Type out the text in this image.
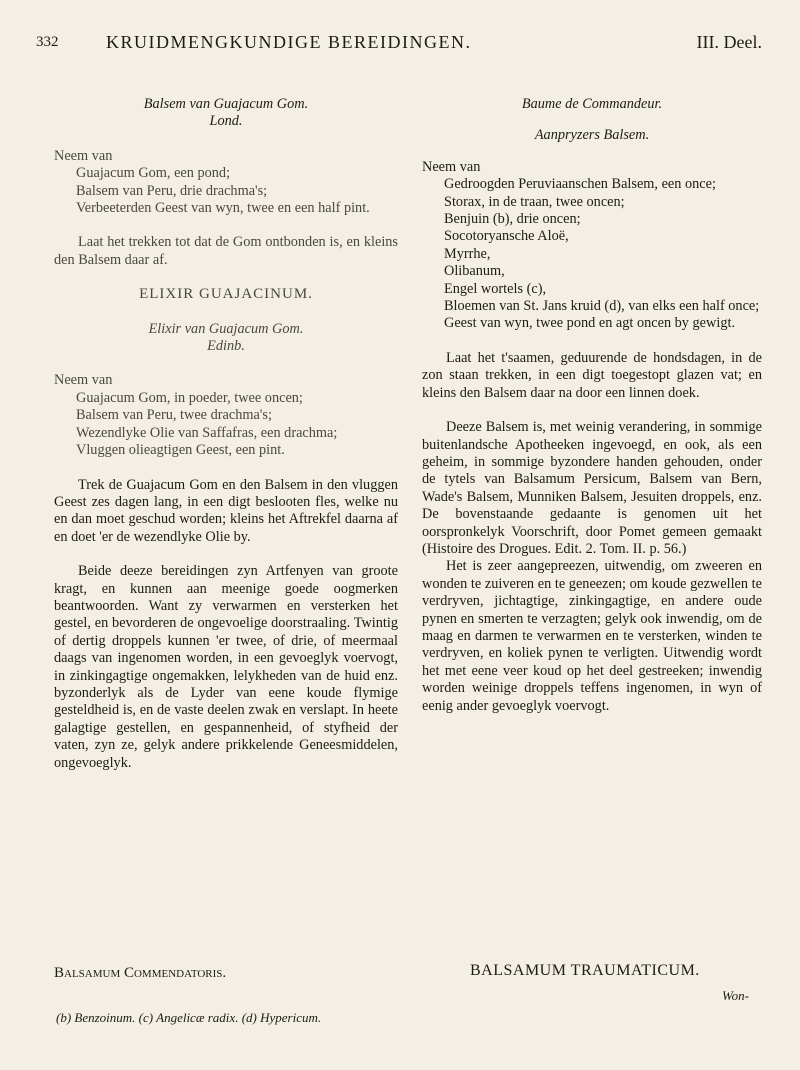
332	KRUIDMENGKUNDIGE BEREIDINGEN.	III. Deel.

Balsem van Guajacum Gom.

Lond.

Neem van
Guajacum Gom, een pond;
Balsem van Peru, drie drachma's;
Verbeeterden Geest van wyn, twee en een half pint.

Laat het trekken tot dat de Gom ontbonden is, en kleins den Balsem daar af.

ELIXIR GUAJACINUM.

Elixir van Guajacum Gom.

Edinb.

Neem van
Guajacum Gom, in poeder, twee oncen;
Balsem van Peru, twee drachma's;
Wezendlyke Olie van Saffafras, een drachma;
Vluggen olieagtigen Geest, een pint.

Trek de Guajacum Gom en den Balsem in den vluggen Geest zes dagen lang, in een digt beslooten fles, welke nu en dan moet geschud worden; kleins het Aftrekfel daarna af en doet 'er de wezendlyke Olie by.

Beide deeze bereidingen zyn Artfenyen van groote kragt, en kunnen aan meenige goede oogmerken beantwoorden. Want zy verwarmen en versterken het gestel, en bevorderen de ongevoelige doorstraaling. Twintig of dertig droppels kunnen 'er twee, of drie, of meermaal daags van ingenomen worden, in een gevoeglyk voervogt, in zinkingagtige ongemakken, lelykheden van de huid enz. byzonderlyk als de Lyder van eene koude flymige gesteldheid is, en de vaste deelen zwak en verslapt. In heete galagtige gestellen, en gespannenheid, of styfheid der vaten, zyn ze, gelyk andere prikkelende Geneesmiddelen, ongevoeglyk.

Balsamum Commendatoris.

Baume de Commandeur.

Aanpryzers Balsem.

Neem van
Gedroogden Peruviaanschen Balsem, een once;
Storax, in de traan, twee oncen;
Benjuin (b), drie oncen;
Socotoryansche Aloë,
Myrrhe,
Olibanum,
Engel wortels (c),
Bloemen van St. Jans kruid (d), van elks een half once;
Geest van wyn, twee pond en agt oncen by gewigt.

Laat het t'saamen, geduurende de hondsdagen, in de zon staan trekken, in een digt toegestopt glazen vat; en kleins den Balsem daar na door een linnen doek.

Deeze Balsem is, met weinig verandering, in sommige buitenlandsche Apotheeken ingevoegd, en ook, als een geheim, in sommige byzondere handen gehouden, onder de tytels van Balsamum Persicum, Balsem van Bern, Wade's Balsem, Munniken Balsem, Jesuiten droppels, enz. De bovenstaande gedaante is genomen uit het oorspronkelyk Voorschrift, door Pomet gemeen gemaakt (Histoire des Drogues. Edit. 2. Tom. II. p. 56.)

Het is zeer aangepreezen, uitwendig, om zweeren en wonden te zuiveren en te geneezen; om koude gezwellen te verdryven, jichtagtige, zinkingagtige, en andere oude pynen en smerten te verzagten; gelyk ook inwendig, om de maag en darmen te verwarmen en te versterken, winden te verdryven, en koliek pynen te verligten. Uitwendig wordt het met eene veer koud op het deel gestreeken; inwendig worden weinige droppels teffens ingenomen, in wyn of eenig ander gevoeglyk voervogt.

BALSAMUM TRAUMATICUM.
Won-
(b) Benzoinum. (c) Angelicæ radix. (d) Hypericum.
